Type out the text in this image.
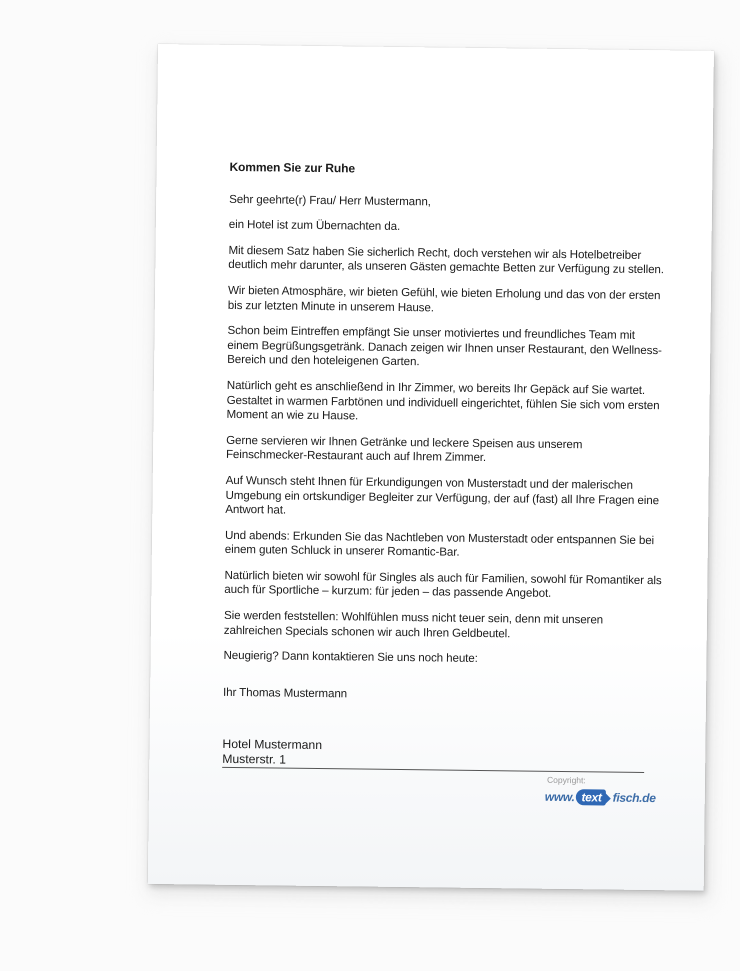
Kommen Sie zur Ruhe
Sehr geehrte(r) Frau/ Herr Mustermann,
ein Hotel ist zum Übernachten da.
Mit diesem Satz haben Sie sicherlich Recht, doch verstehen wir als Hotelbetreiber deutlich mehr darunter, als unseren Gästen gemachte Betten zur Verfügung zu stellen.
Wir bieten Atmosphäre, wir bieten Gefühl, wie bieten Erholung und das von der ersten bis zur letzten Minute in unserem Hause.
Schon beim Eintreffen empfängt Sie unser motiviertes und freundliches Team mit einem Begrüßungsgetränk. Danach zeigen wir Ihnen unser Restaurant, den Wellness-Bereich und den hoteleigenen Garten.
Natürlich geht es anschließend in Ihr Zimmer, wo bereits Ihr Gepäck auf Sie wartet. Gestaltet in warmen Farbtönen und individuell eingerichtet, fühlen Sie sich vom ersten Moment an wie zu Hause.
Gerne servieren wir Ihnen Getränke und leckere Speisen aus unserem Feinschmecker-Restaurant auch auf Ihrem Zimmer.
Auf Wunsch steht Ihnen für Erkundigungen von Musterstadt und der malerischen Umgebung ein ortskundiger Begleiter zur Verfügung, der auf (fast) all Ihre Fragen eine Antwort hat.
Und abends: Erkunden Sie das Nachtleben von Musterstadt oder entspannen Sie bei einem guten Schluck in unserer Romantic-Bar.
Natürlich bieten wir sowohl für Singles als auch für Familien, sowohl für Romantiker als auch für Sportliche – kurzum: für jeden – das passende Angebot.
Sie werden feststellen: Wohlfühlen muss nicht teuer sein, denn mit unseren zahlreichen Specials schonen wir auch Ihren Geldbeutel.
Neugierig? Dann kontaktieren Sie uns noch heute:
Ihr Thomas Mustermann
Hotel Mustermann
Musterstr. 1
Copyright:
www. text fisch.de
